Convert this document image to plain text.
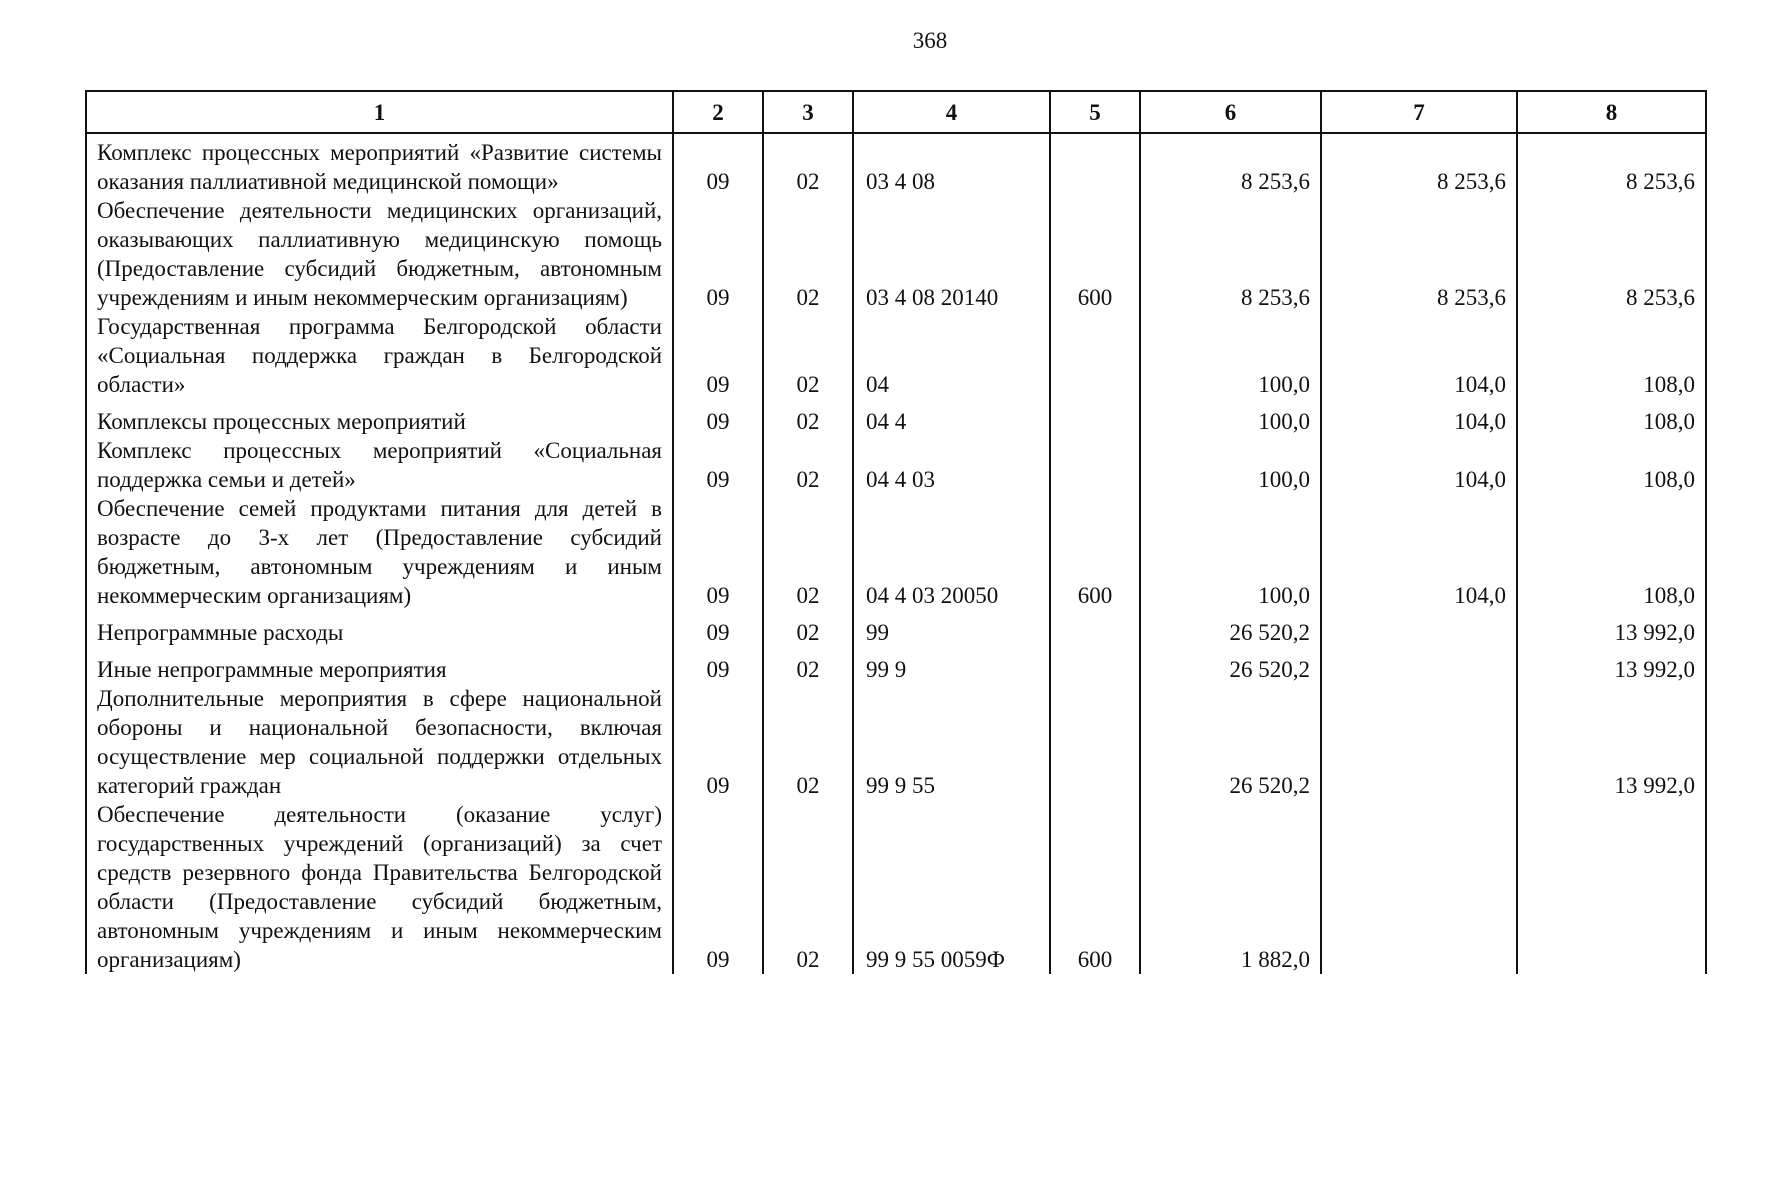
368
1	2	3	4	5	6	7	8
Комплекс процессных мероприятий «Развитие системы оказания паллиативной медицинской помощи»	09	02	03 4 08		8 253,6	8 253,6	8 253,6
Обеспечение деятельности медицинских организаций, оказывающих паллиативную медицинскую помощь (Предоставление субсидий бюджетным, автономным учреждениям и иным некоммерческим организациям)	09	02	03 4 08 20140	600	8 253,6	8 253,6	8 253,6
Государственная программа Белгородской области «Социальная поддержка граждан в Белгородской области»	09	02	04		100,0	104,0	108,0
Комплексы процессных мероприятий	09	02	04 4		100,0	104,0	108,0
Комплекс процессных мероприятий «Социальная поддержка семьи и детей»	09	02	04 4 03		100,0	104,0	108,0
Обеспечение семей продуктами питания для детей в возрасте до 3-х лет (Предоставление субсидий бюджетным, автономным учреждениям и иным некоммерческим организациям)	09	02	04 4 03 20050	600	100,0	104,0	108,0
Непрограммные расходы	09	02	99		26 520,2		13 992,0
Иные непрограммные мероприятия	09	02	99 9		26 520,2		13 992,0
Дополнительные мероприятия в сфере национальной обороны и национальной безопасности, включая осуществление мер социальной поддержки отдельных категорий граждан	09	02	99 9 55		26 520,2		13 992,0
Обеспечение деятельности (оказание услуг) государственных учреждений (организаций) за счет средств резервного фонда Правительства Белгородской области (Предоставление субсидий бюджетным, автономным учреждениям и иным некоммерческим организациям)	09	02	99 9 55 0059Ф	600	1 882,0		
